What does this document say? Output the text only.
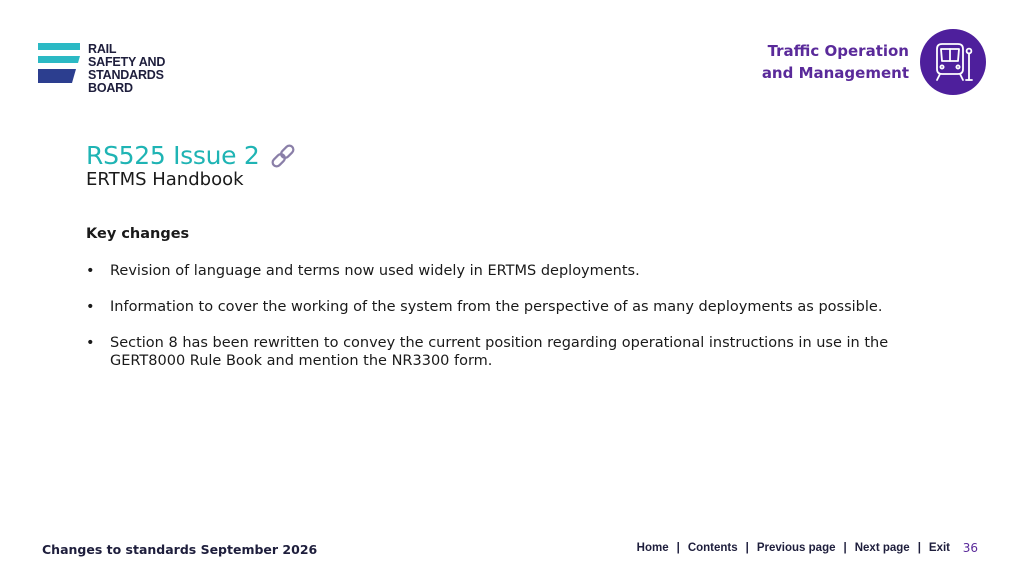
RAIL
SAFETY AND
STANDARDS
BOARD
Traffic Operation
and Management
RS525 Issue 2
ERTMS Handbook
Key changes
• Revision of language and terms now used widely in ERTMS deployments.
• Information to cover the working of the system from the perspective of as many deployments as possible.
• Section 8 has been rewritten to convey the current position regarding operational instructions in use in the GERT8000 Rule Book and mention the NR3300 form.
Changes to standards September 2026	Home | Contents | Previous page | Next page | Exit 36
